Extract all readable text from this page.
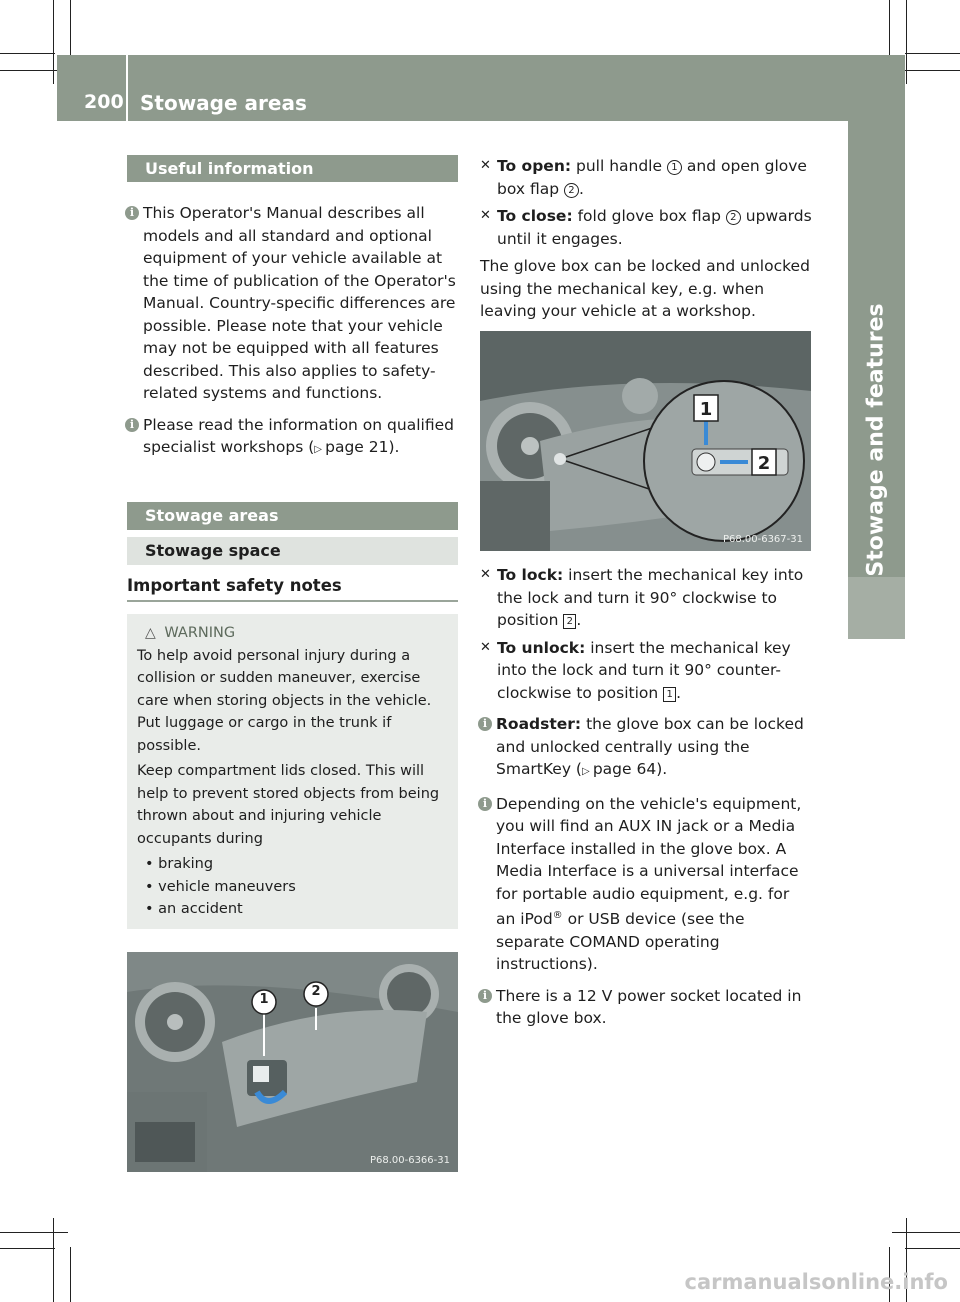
200 Stowage areas
Stowage and features
Useful information
i This Operator's Manual describes all models and all standard and optional equipment of your vehicle available at the time of publication of the Operator's Manual. Country-specific differences are possible. Please note that your vehicle may not be equipped with all features described. This also applies to safety-related systems and functions.
i Please read the information on qualified specialist workshops (▷ page 21).
Stowage areas
Stowage space
Important safety notes
△ WARNING
To help avoid personal injury during a collision or sudden maneuver, exercise care when storing objects in the vehicle. Put luggage or cargo in the trunk if possible.
Keep compartment lids closed. This will help to prevent stored objects from being thrown about and injuring vehicle occupants during
• braking
• vehicle maneuvers
• an accident
1
2
P68.00-6366-31
✕ To open: pull handle 1 and open glove box flap 2 .
✕ To close: fold glove box flap 2 upwards until it engages.
The glove box can be locked and unlocked using the mechanical key, e.g. when leaving your vehicle at a workshop.
1
2
P68.00-6367-31
✕ To lock: insert the mechanical key into the lock and turn it 90° clockwise to position 2 .
✕ To unlock: insert the mechanical key into the lock and turn it 90° counter-clockwise to position 1 .
i Roadster: the glove box can be locked and unlocked centrally using the SmartKey (▷ page 64).
i Depending on the vehicle's equipment, you will find an AUX IN jack or a Media Interface installed in the glove box. A Media Interface is a universal interface for portable audio equipment, e.g. for an iPod® or USB device (see the separate COMAND operating instructions).
i There is a 12 V power socket located in the glove box.
carmanualsonline.info
